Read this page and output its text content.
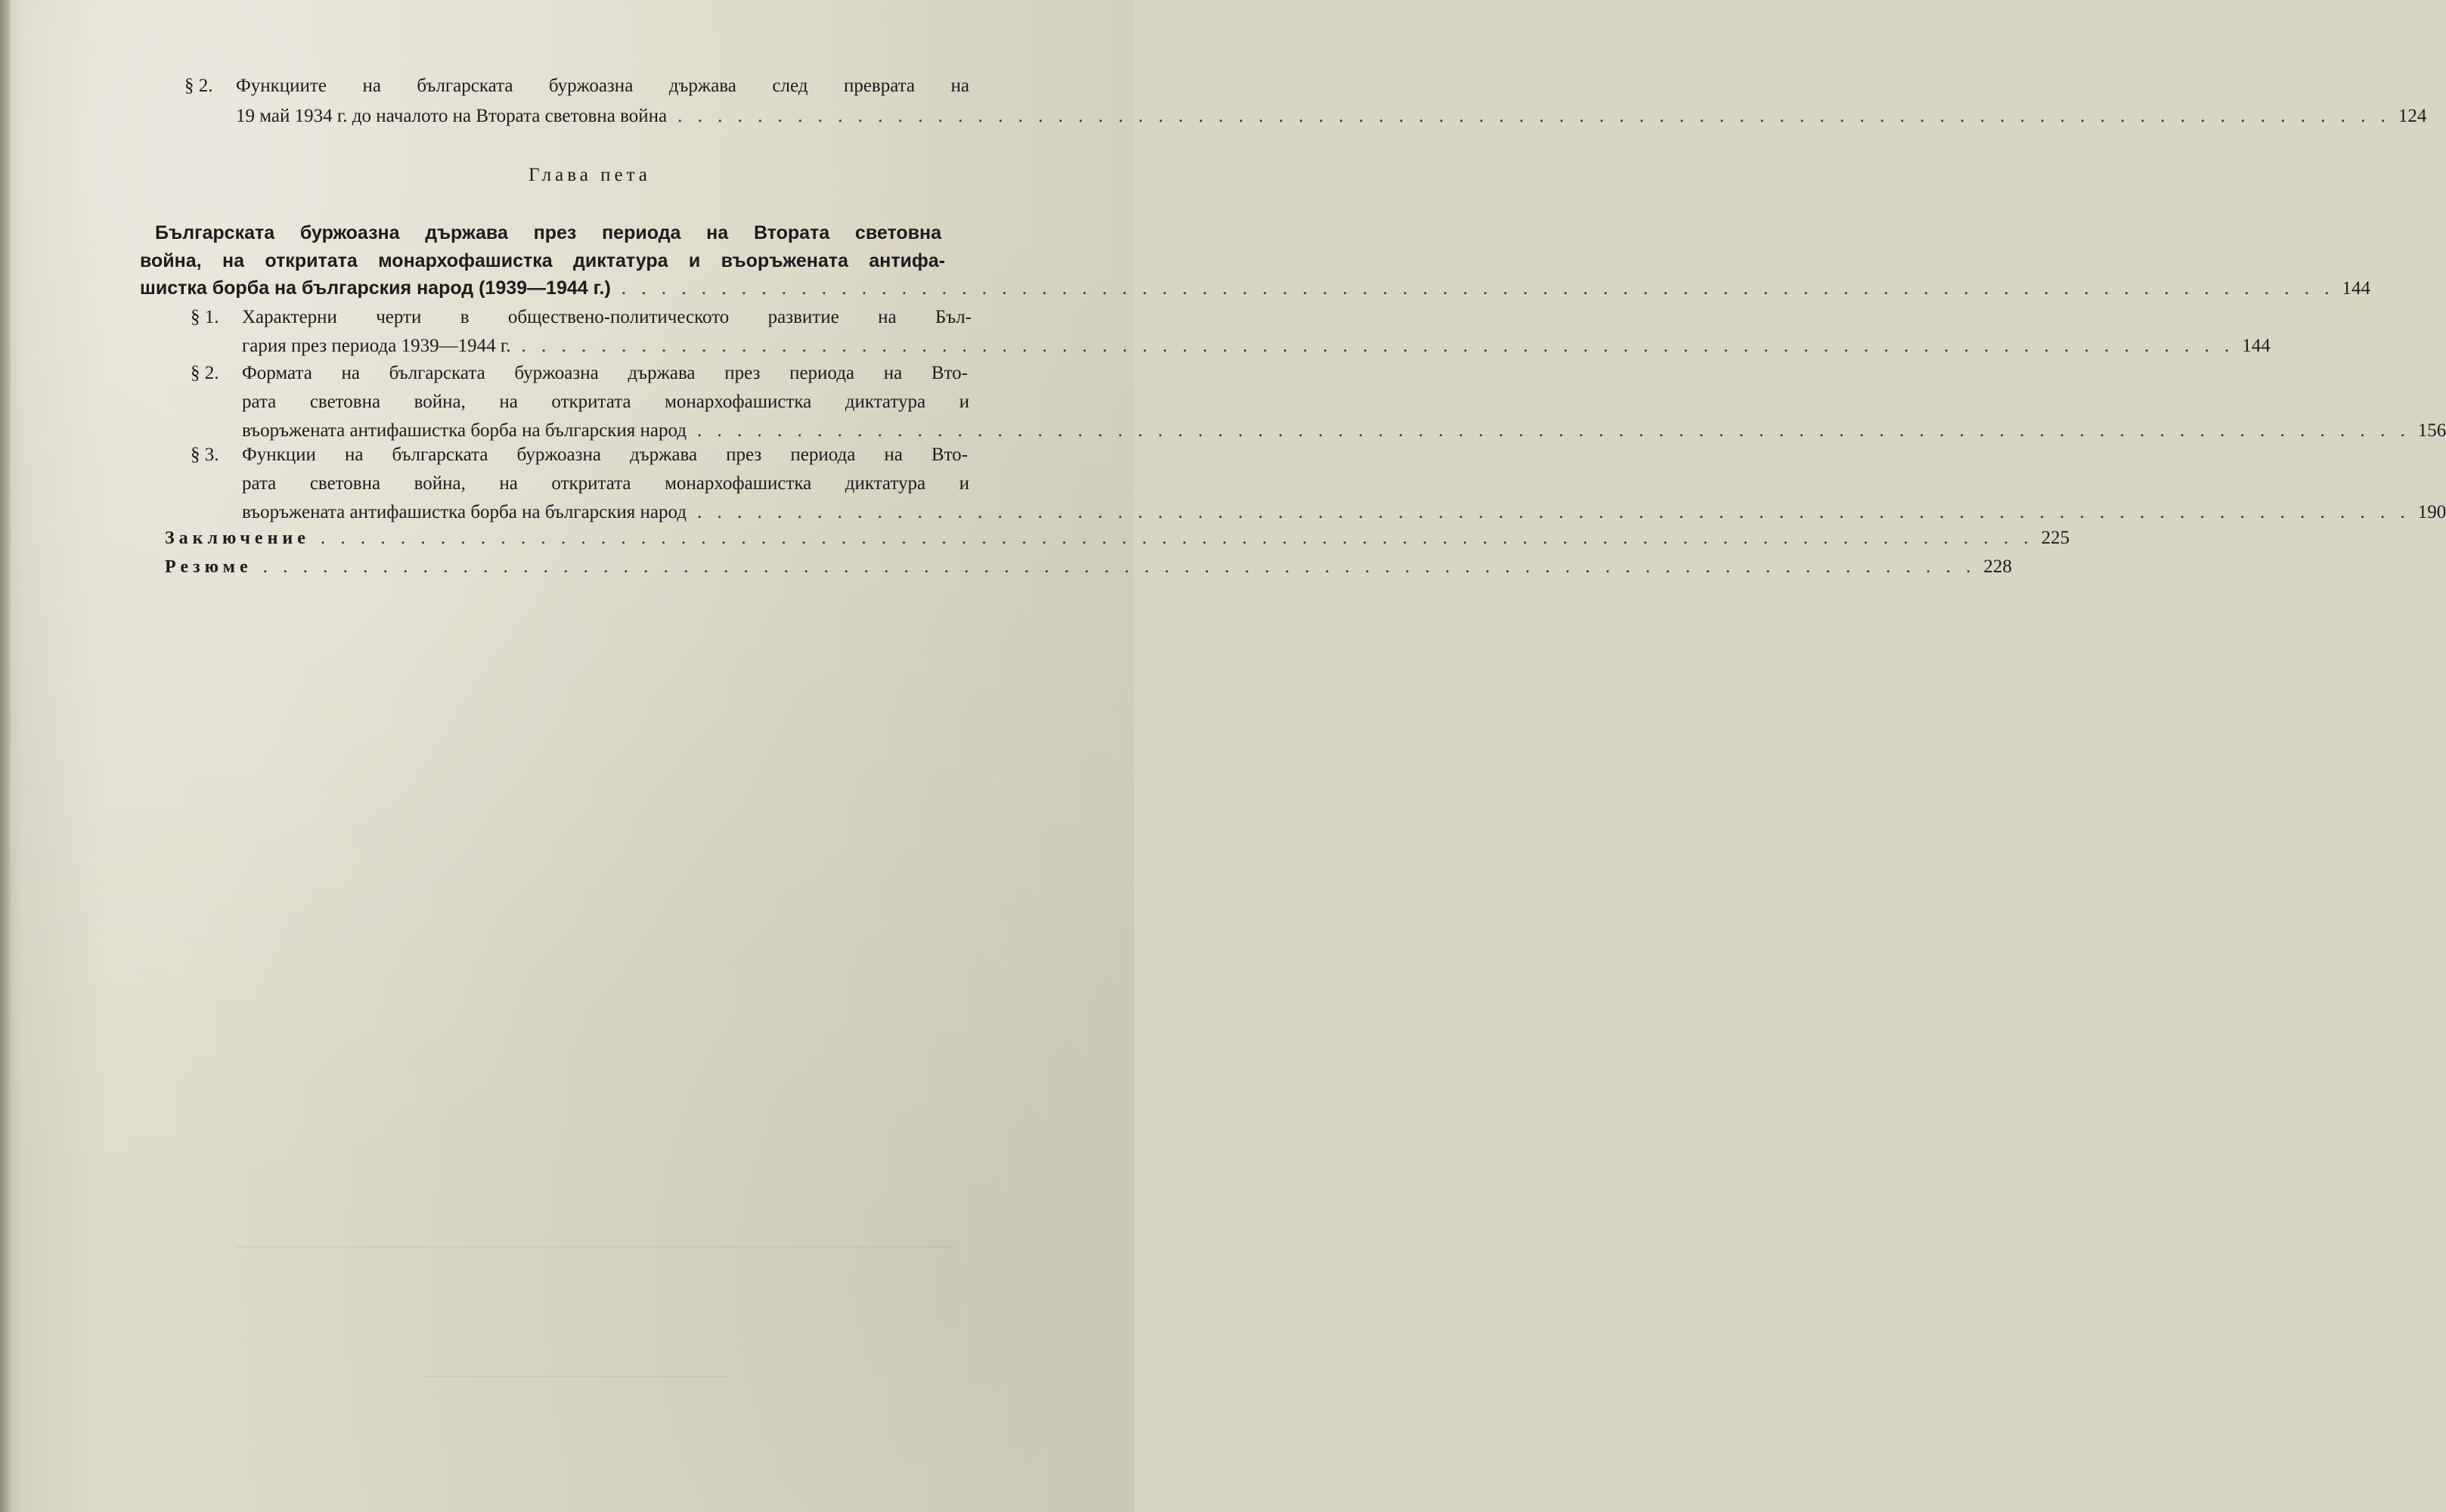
§ 2. Функциите на българската буржоазна държава след преврата на
19 май 1934 г. до началото на Втората световна война . . . . . . . . . . . . . . . . . . . . . . . . . . . . . . . . . . . . . . . . . . . . . . . . . . . . . . . . . . . . . . . . . . . . . . . . . . . . . . . . . . . . . . 124
Глава пета
Българската буржоазна държава през периода на Втората световна
война, на откритата монархофашистка диктатура и въоръжената антифа-
шистка борба на българския народ (1939—1944 г.) . . . . . . . . . . . . . . . . . . . . . . . . . . . . . . . . . . . . . . . . . . . . . . . . . . . . . . . . . . . . . . . . . . . . . . . . . . . . . . . . . . . . . . 144
§ 1. Характерни черти в обществено-политическото развитие на Бъл-
гария през периода 1939—1944 г. . . . . . . . . . . . . . . . . . . . . . . . . . . . . . . . . . . . . . . . . . . . . . . . . . . . . . . . . . . . . . . . . . . . . . . . . . . . . . . . . . . . . . . 144
§ 2. Формата на българската буржоазна държава през периода на Вто-
рата световна война, на откритата монархофашистка диктатура и
въоръжената антифашистка борба на българския народ . . . . . . . . . . . . . . . . . . . . . . . . . . . . . . . . . . . . . . . . . . . . . . . . . . . . . . . . . . . . . . . . . . . . . . . . . . . . . . . . . . . . . . 156
§ 3. Функции на българската буржоазна държава през периода на Вто-
рата световна война, на откритата монархофашистка диктатура и
въоръжената антифашистка борба на българския народ . . . . . . . . . . . . . . . . . . . . . . . . . . . . . . . . . . . . . . . . . . . . . . . . . . . . . . . . . . . . . . . . . . . . . . . . . . . . . . . . . . . . . . 190
Заключение . . . . . . . . . . . . . . . . . . . . . . . . . . . . . . . . . . . . . . . . . . . . . . . . . . . . . . . . . . . . . . . . . . . . . . . . . . . . . . . . . . . . . . 225
Резюме . . . . . . . . . . . . . . . . . . . . . . . . . . . . . . . . . . . . . . . . . . . . . . . . . . . . . . . . . . . . . . . . . . . . . . . . . . . . . . . . . . . . . . 228
